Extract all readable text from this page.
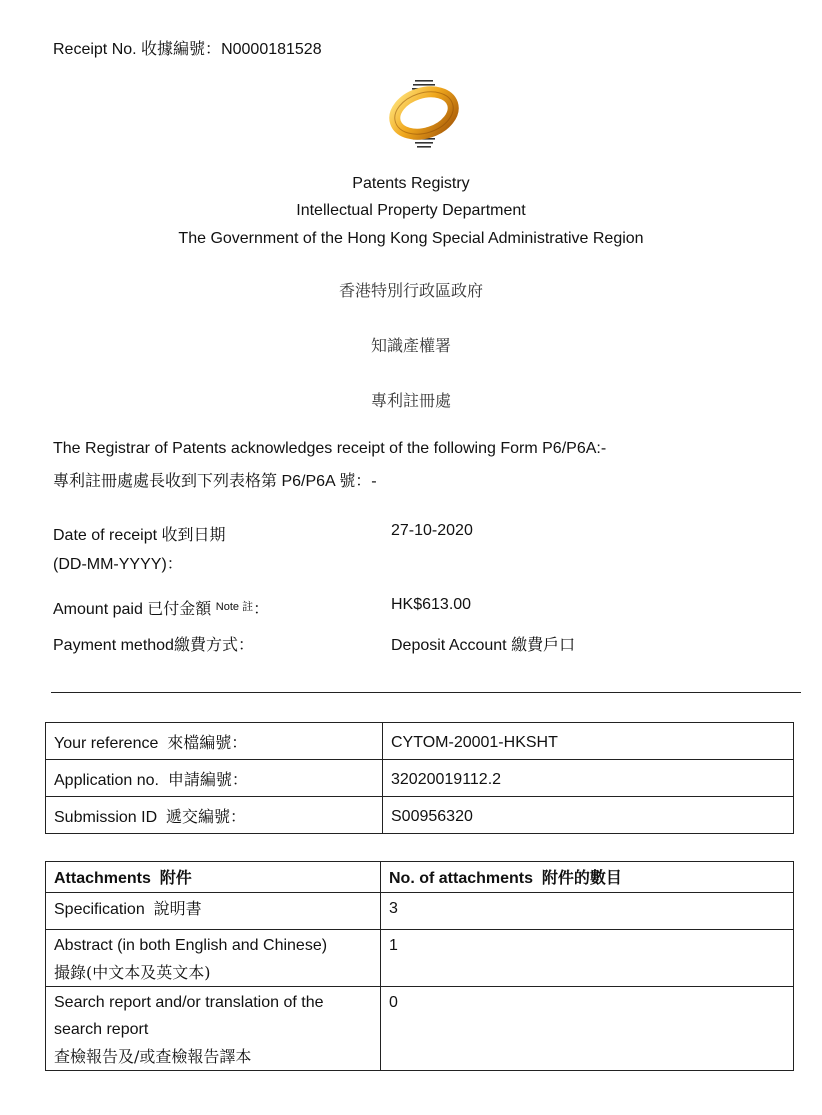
Receipt No. 收據編號：N0000181528
Patents Registry
Intellectual Property Department
The Government of the Hong Kong Special Administrative Region
香港特別行政區政府
知識產權署
專利註冊處
The Registrar of Patents acknowledges receipt of the following Form P6/P6A:-
專利註冊處處長收到下列表格第 P6/P6A 號：-
Date of receipt 收到日期
(DD-MM-YYYY)：
27-10-2020
Amount paid 已付金額 $^{Note 註}$：	HK$613.00
Payment method繳費方式：	Deposit Account 繳費戶口
Your reference 來檔編號：	CYTOM-20001-HKSHT
Application no. 申請編號：	32020019112.2
Submission ID 遞交編號：	S00956320
Attachments 附件	No. of attachments 附件的數目
Specification 說明書	3

Abstract (in both English and Chinese)
撮錄(中文本及英文本)	1

Search report and/or translation of the search report
查檢報告及/或查檢報告譯本	0
